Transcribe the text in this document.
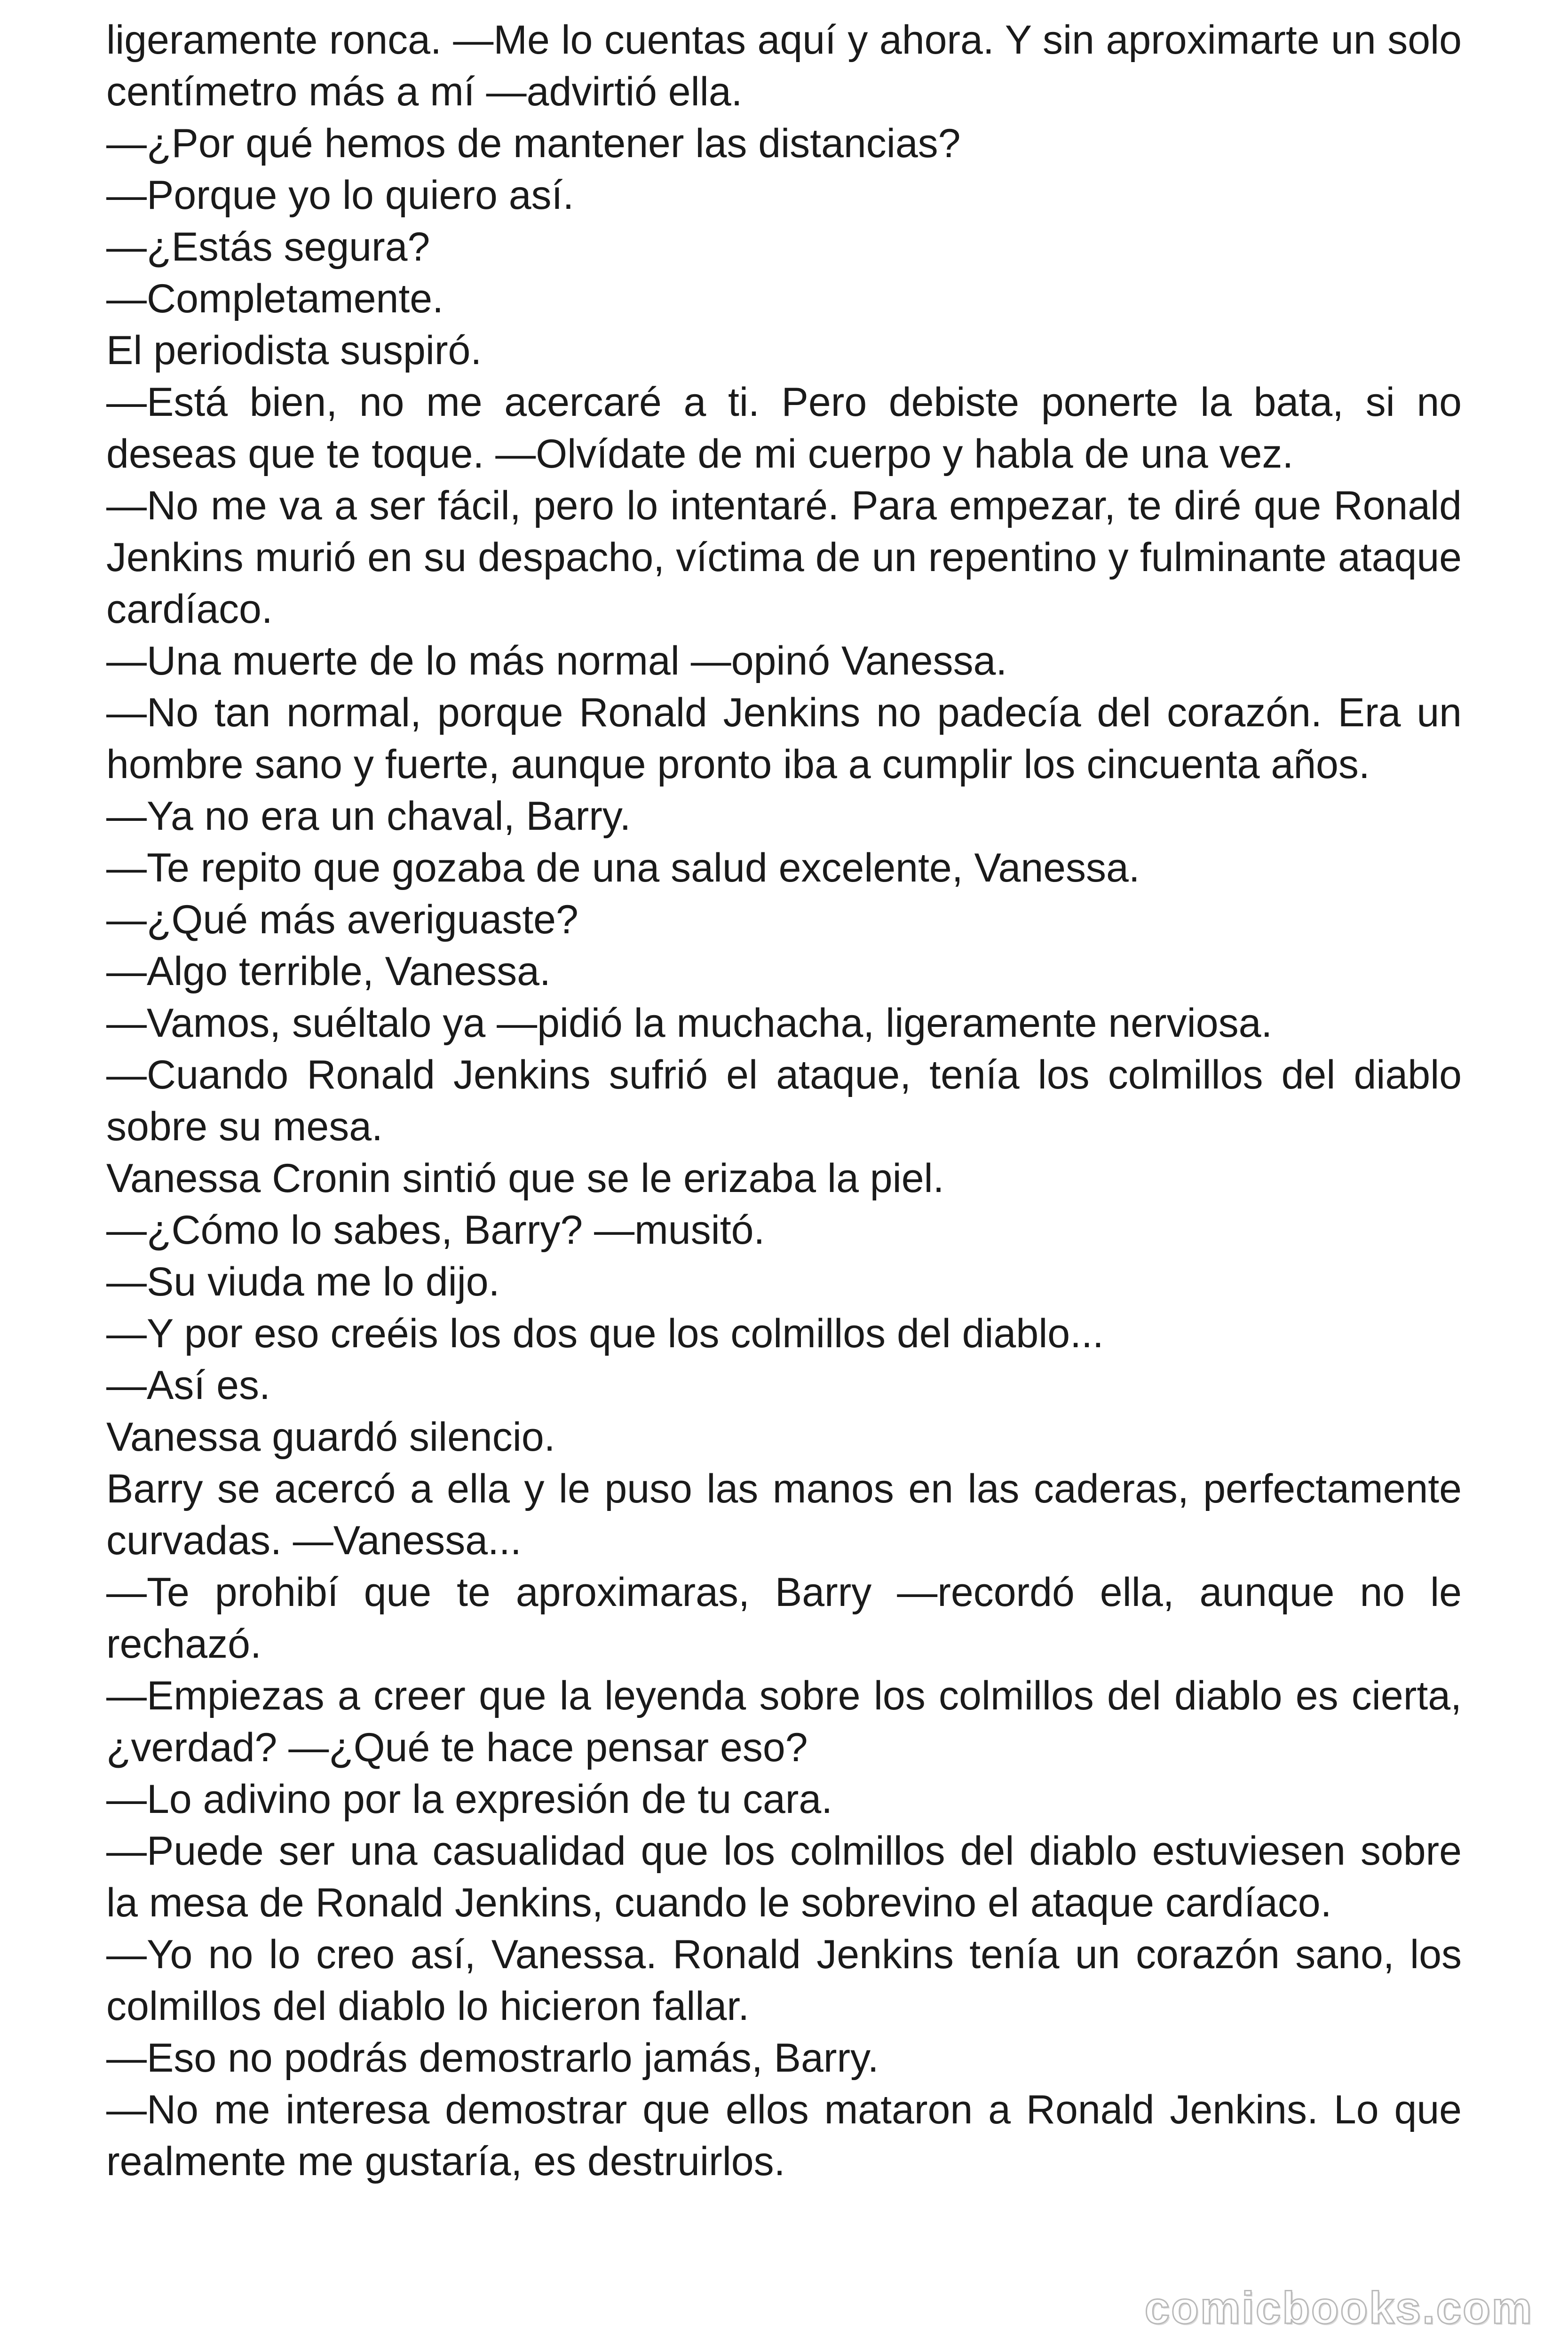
ligeramente ronca. —Me lo cuentas aquí y ahora. Y sin aproximarte un solo centímetro más a mí —advirtió ella.

—¿Por qué hemos de mantener las distancias?

—Porque yo lo quiero así.

—¿Estás segura?

—Completamente.

El periodista suspiró.

—Está bien, no me acercaré a ti. Pero debiste ponerte la bata, si no deseas que te toque. —Olvídate de mi cuerpo y habla de una vez.

—No me va a ser fácil, pero lo intentaré. Para empezar, te diré que Ronald Jenkins murió en su despacho, víctima de un repentino y fulminante ataque cardíaco.

—Una muerte de lo más normal —opinó Vanessa.

—No tan normal, porque Ronald Jenkins no padecía del corazón. Era un hombre sano y fuerte, aunque pronto iba a cumplir los cincuenta años.

—Ya no era un chaval, Barry.

—Te repito que gozaba de una salud excelente, Vanessa.

—¿Qué más averiguaste?

—Algo terrible, Vanessa.

—Vamos, suéltalo ya —pidió la muchacha, ligeramente nerviosa.

—Cuando Ronald Jenkins sufrió el ataque, tenía los colmillos del diablo sobre su mesa.

Vanessa Cronin sintió que se le erizaba la piel.

—¿Cómo lo sabes, Barry? —musitó.

—Su viuda me lo dijo.

—Y por eso creéis los dos que los colmillos del diablo...

—Así es.

Vanessa guardó silencio.

Barry se acercó a ella y le puso las manos en las caderas, perfectamente curvadas. —Vanessa...

—Te prohibí que te aproximaras, Barry —recordó ella, aunque no le rechazó.

—Empiezas a creer que la leyenda sobre los colmillos del diablo es cierta, ¿verdad? —¿Qué te hace pensar eso?

—Lo adivino por la expresión de tu cara.

—Puede ser una casualidad que los colmillos del diablo estuviesen sobre la mesa de Ronald Jenkins, cuando le sobrevino el ataque cardíaco.

—Yo no lo creo así, Vanessa. Ronald Jenkins tenía un corazón sano, los colmillos del diablo lo hicieron fallar.

—Eso no podrás demostrarlo jamás, Barry.

—No me interesa demostrar que ellos mataron a Ronald Jenkins. Lo que realmente me gustaría, es destruirlos.

comicbooks.com
